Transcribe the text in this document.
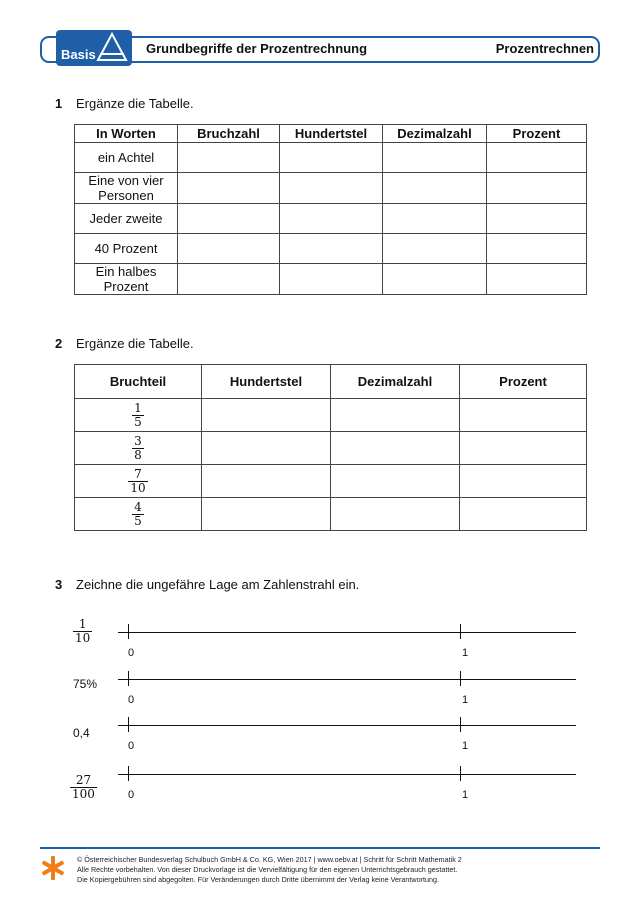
Basis	Grundbegriffe der Prozentrechnung	Prozentrechnen
1 Ergänze die Tabelle.
In Worten	Bruchzahl	Hundertstel	Dezimalzahl	Prozent
ein Achtel				
Eine von vier
Personen				
Jeder zweite				
40 Prozent				
Ein halbes
Prozent				
2 Ergänze die Tabelle.
Bruchteil	Hundertstel	Dezimalzahl	Prozent

$\frac{1}{5}$

$\frac{3}{8}$

$\frac{7}{10}$

$\frac{4}{5}$

3 Zeichne die ungefähre Lage am Zahlenstrahl ein.
$\frac{1}{10}$
0	1
75%
0	1
0,4
0	1
$\frac{27}{100}$	0	1
© Österreichischer Bundesverlag Schulbuch GmbH & Co. KG, Wien 2017 | www.oebv.at | Schritt für Schritt Mathematik 2
Alle Rechte vorbehalten. Von dieser Druckvorlage ist die Vervielfältigung für den eigenen Unterrichtsgebrauch gestattet.
Die Kopiergebühren sind abgegolten. Für Veränderungen durch Dritte übernimmt der Verlag keine Verantwortung.
